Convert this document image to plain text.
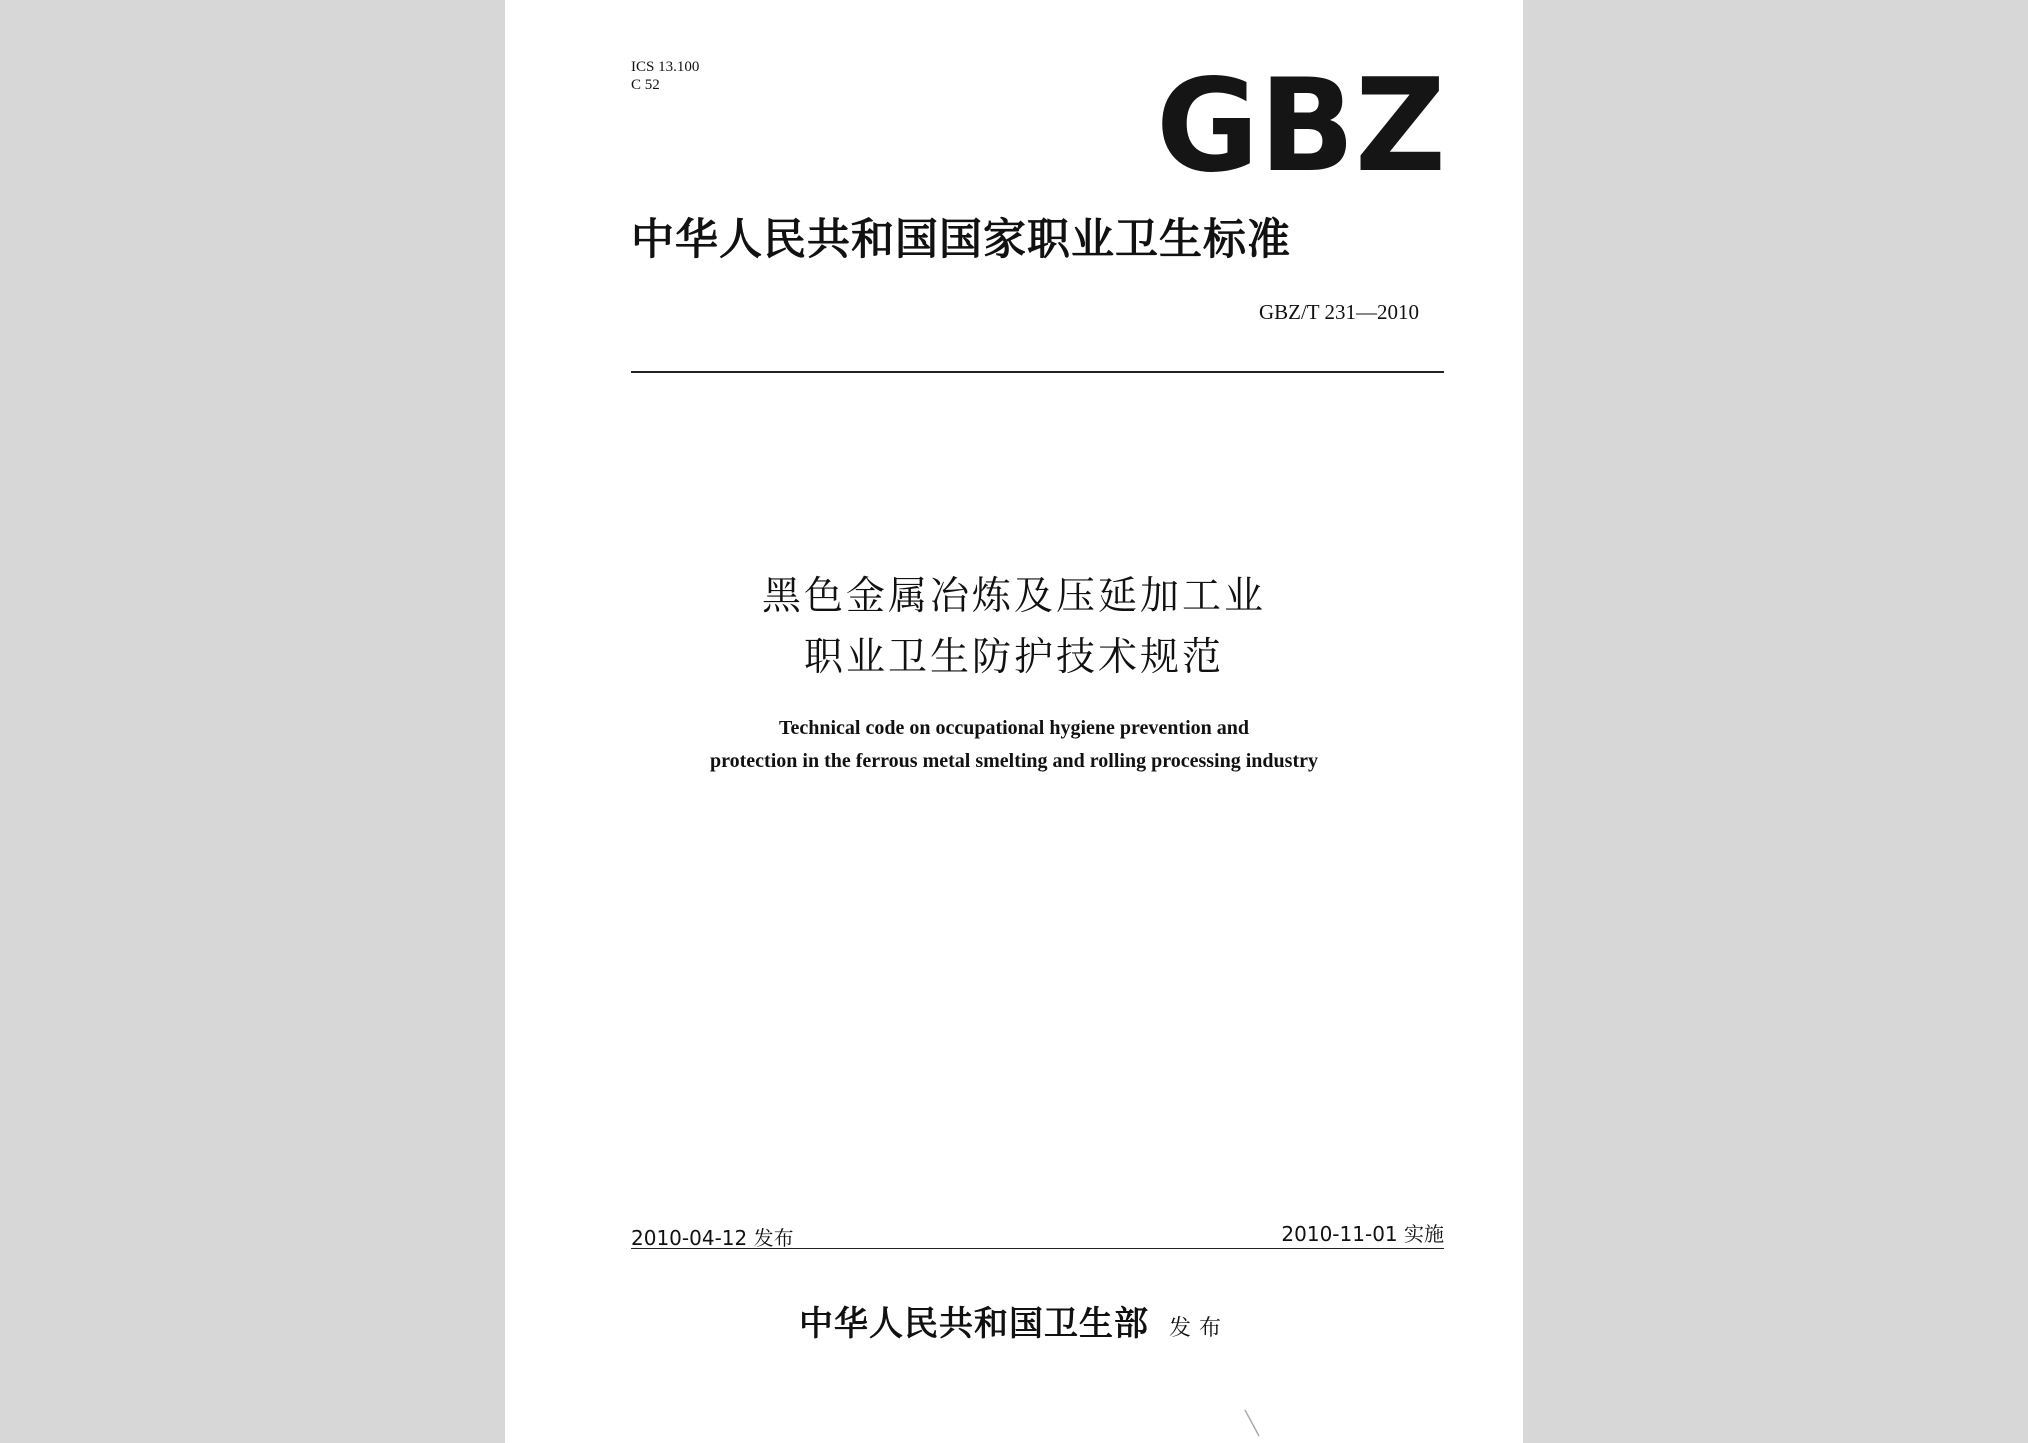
ICS 13.100
C 52	GBZ
中华人民共和国国家职业卫生标准
GBZ/T 231—2010
黑色金属冶炼及压延加工业
职业卫生防护技术规范
Technical code on occupational hygiene prevention and
protection in the ferrous metal smelting and rolling processing industry
2010-04-12 发布	2010-11-01 实施
中华人民共和国卫生部 发布
